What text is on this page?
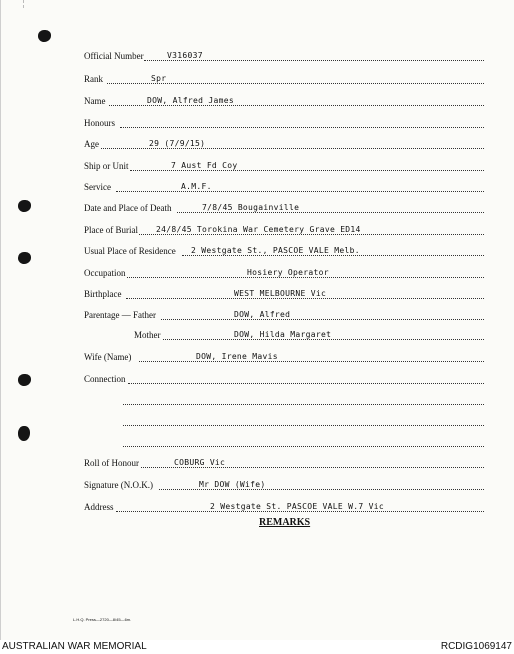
Official Number	V316037
Rank	Spr
Name	DOW, Alfred James
Honours
Age	29 (7/9/15)
Ship or Unit	7 Aust Fd Coy
Service	A.M.F.
Date and Place of Death	7/8/45 Bougainville
Place of Burial 24/8/45 Torokina War Cemetery Grave ED14
Usual Place of Residence 2 Westgate St., PASCOE VALE Melb.
Occupation	Hosiery Operator
Birthplace	WEST MELBOURNE Vic
Parentage — Father	DOW, Alfred
Mother	DOW, Hilda Margaret
Wife (Name)	DOW, Irene Mavis
Connection
Roll of Honour	COBURG Vic
Signature (N.O.K.)	Mr DOW (Wife)
Address	2 Westgate St. PASCOE VALE W.7 Vic
REMARKS
L.H.Q. Press—2720—8/45—6m.
AUSTRALIAN WAR MEMORIAL	RCDIG1069147
